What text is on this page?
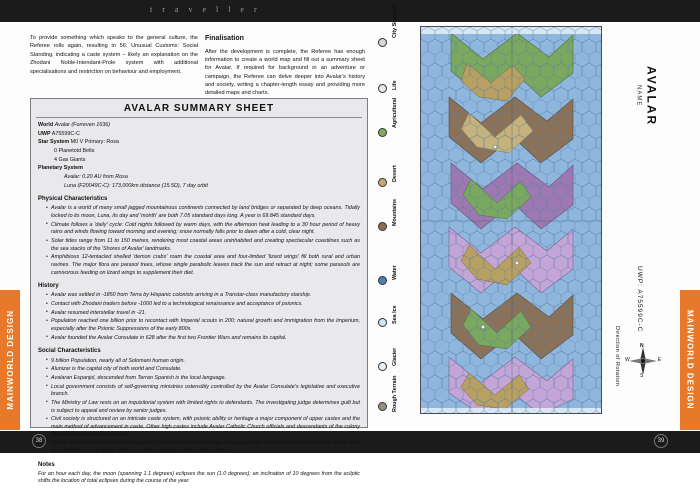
t r a v e l l e r
38	39
MAINWORLD DESIGN	MAINWORLD DESIGN
To provide something which speaks to the general culture, the Referee rolls again, resulting in 56: Unusual Customs: Social Standing, indicating a caste system – likely an explanation on the Zhodani Noble-Intendant-Prole system with additional specialisations and restriction on behaviour and employment.
Finalisation
After the development is complete, the Referee has enough information to create a world map and fill out a summary sheet for Avalar. If required for background in an adventure or campaign, the Referee can delve deeper into Avalar's history and society, writing a chapter-length essay and providing more detailed maps and charts.
AVALAR SUMMARY SHEET
World Avalar (Forreven 1636)
UWP A75599C-C
Star System M0 V Primary: Rosa
0 Planetoid Belts
4 Gas Giants
Planetary System
Avalar: 0.20 AU from Rosa
Luna (F20049C-C): 173,000km distance (15.5D), 7 day orbit
Physical Characteristics
• Avalar is a world of many small jagged mountainous continents connected by land bridges or separated by deep oceans. Tidally locked to its moon, Luna, its day and 'month' are both 7.05 standard days long. A year is 69.845 standard days.
• Climate follows a 'daily' cycle: Cold nights followed by warm days, with the afternoon heat leading to a 30 hour period of heavy rains and winds flowing toward morning and evening; snow normally falls prior to dawn after a cold, clear night.
• Solar tides range from 11 to 150 metres, rendering most coastal areas uninhabited and creating spectacular coastlines such as the sea stacks of the 'Shores of Avalar' landmarks.
• Amphibious 12-tentacled shelled 'demon crabs' roam the coastal area and four-limbed 'lizard wings' fill both rural and urban ravines. The major flora are parasol trees, whose single parabolic leaves track the sun and retract at night; some parasols are carnivorous feeding on lizard wings to supplement their diet.
History
• Avalar was settled in -1850 from Terra by Hispanic colonists arriving in a Transtar-class manufactory starship.
• Contact with Zhodani traders before -1000 led to a technological renaissance and acceptance of psionics.
• Avalar resumed interstellar travel in -21.
• Population reached one billion prior to recontact with Imperial scouts in 200; natural growth and immigration from the Imperium, especially after the Psionic Suppressions of the early 800s.
• Avalar founded the Avalar Consulate in 628 after the first two Frontier Wars and remains its capital.
Social Characteristics
• 9 billion Population, nearly all of Solomani human origin.
• Alunizar is the capital city of both world and Consulate.
• Avalaran Espanjol, descended from Terran Spanish is the local language.
• Local government consists of self-governing ministries ostensibly controlled by the Avalar Consulate's legislative and executive branch.
• The Ministry of Law rests on an inquisitorial system with limited rights to defendants. The investigating judge determines guilt but is subject to appeal and review by senior judges.
• Civil society is structured on an intricate caste system, with psionic ability or heritage a major component of upper castes and the main method of advancement in caste. Other high castes include Avalar Catholic Church officials and descendants of the colony ship officers and colonial leaders.
• Castes govern limits on behaviour, apparel, employment and marriage. Legal penalties for violating caste limits are minor fines but violations lead to being ostracised and occasional extra-judicial violence.
Notes

For an hour each day, the moon (spanning 1.1 degrees) eclipses the sun (1.0 degrees); an inclination of 10 degrees from the ecliptic shifts the location of total eclipses during the course of the year.

City Starport
Life
Agricultural
Desert
Mountains
Water
Sea Ice
Glacier
Rough Terrain
NAME AVALAR
UWP: A75599C-C
Direction of Rotation	N
S
E
W
